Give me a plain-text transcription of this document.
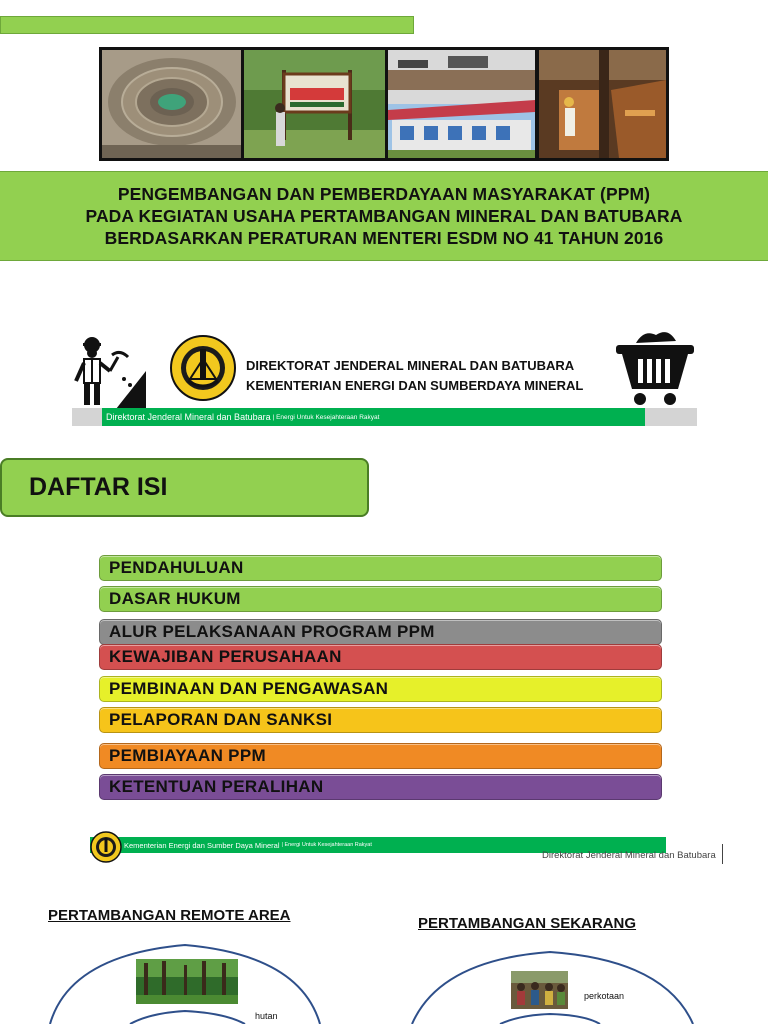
PENGEMBANGAN DAN PEMBERDAYAAN MASYARAKAT (PPM)
PADA KEGIATAN USAHA PERTAMBANGAN MINERAL DAN BATUBARA
BERDASARKAN PERATURAN MENTERI ESDM NO 41 TAHUN 2016
DIREKTORAT JENDERAL MINERAL DAN BATUBARA
KEMENTERIAN ENERGI DAN SUMBERDAYA MINERAL
Direktorat Jenderal Mineral dan Batubara | Energi Untuk Kesejahteraan Rakyat
DAFTAR ISI
PENDAHULUAN
DASAR HUKUM
ALUR PELAKSANAAN PROGRAM PPM
KEWAJIBAN PERUSAHAAN
PEMBINAAN DAN PENGAWASAN
PELAPORAN DAN SANKSI
PEMBIAYAAN PPM
KETENTUAN PERALIHAN
Kementerian Energi dan Sumber Daya Mineral | Energi Untuk Kesejahteraan Rakyat
Direktorat Jenderal Mineral dan Batubara
PERTAMBANGAN REMOTE AREA	PERTAMBANGAN SEKARANG
hutan
perkotaan
